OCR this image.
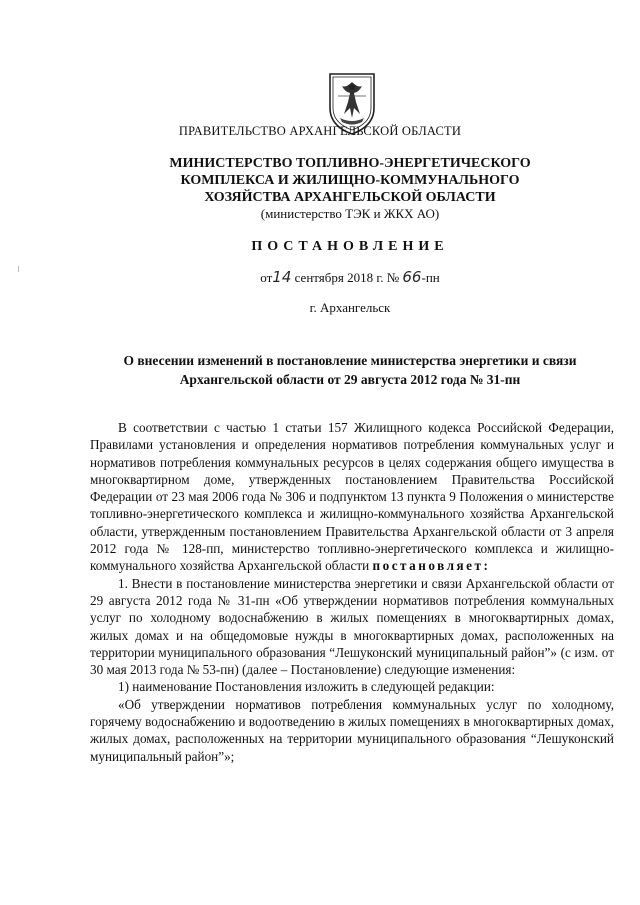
ПРАВИТЕЛЬСТВО АРХАНГЕЛЬСКОЙ ОБЛАСТИ
МИНИСТЕРСТВО ТОПЛИВНО-ЭНЕРГЕТИЧЕСКОГО
КОМПЛЕКСА И ЖИЛИЩНО-КОММУНАЛЬНОГО
ХОЗЯЙСТВА АРХАНГЕЛЬСКОЙ ОБЛАСТИ
(министерство ТЭК и ЖКХ АО)
ПОСТАНОВЛЕНИЕ
от14 сентября 2018 г. № 66-пн
г. Архангельск
О внесении изменений в постановление министерства энергетики и связи
Архангельской области от 29 августа 2012 года № 31-пн

В соответствии с частью 1 статьи 157 Жилищного кодекса Российской Федерации, Правилами установления и определения нормативов потребления коммунальных услуг и нормативов потребления коммунальных ресурсов в целях содержания общего имущества в многоквартирном доме, утвержденных постановлением Правительства Российской Федерации от 23 мая 2006 года № 306 и подпунктом 13 пункта 9 Положения о министерстве топливно-энергетического комплекса и жилищно-коммунального хозяйства Архангельской области, утвержденным постановлением Правительства Архангельской области от 3 апреля 2012 года № 128-пп, министерство топливно-энергетического комплекса и жилищно-коммунального хозяйства Архангельской области постановляет:

1. Внести в постановление министерства энергетики и связи Архангельской области от 29 августа 2012 года № 31-пн «Об утверждении нормативов потребления коммунальных услуг по холодному водоснабжению в жилых помещениях в многоквартирных домах, жилых домах и на общедомовые нужды в многоквартирных домах, расположенных на территории муниципального образования “Лешуконский муниципальный район”» (с изм. от 30 мая 2013 года № 53-пн) (далее – Постановление) следующие изменения:

1) наименование Постановления изложить в следующей редакции:

«Об утверждении нормативов потребления коммунальных услуг по холодному, горячему водоснабжению и водоотведению в жилых помещениях в многоквартирных домах, жилых домах, расположенных на территории муниципального образования “Лешуконский муниципальный район”»;
